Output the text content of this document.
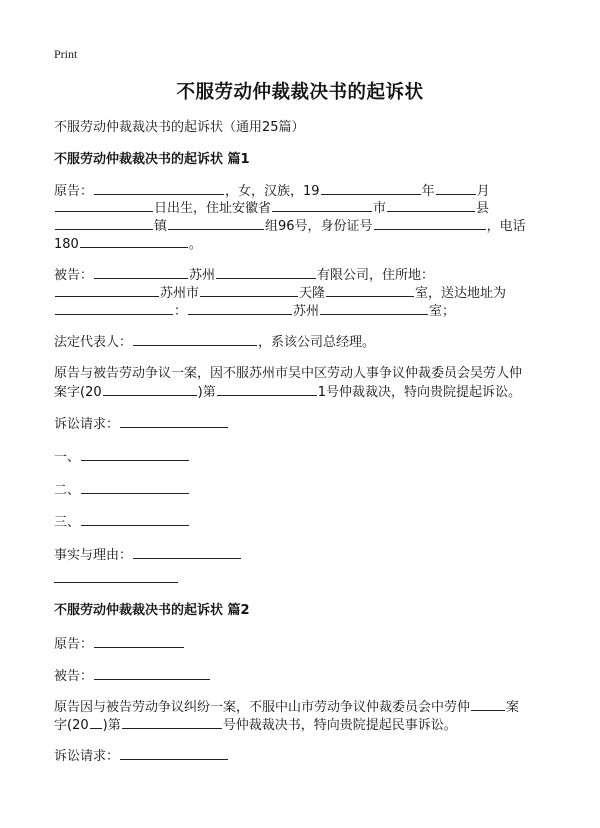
Print
不服劳动仲裁裁决书的起诉状
不服劳动仲裁裁决书的起诉状（通用25篇）
不服劳动仲裁裁决书的起诉状 篇1
原告：	，女，汉族，19	年	月
日出生，住址安徽省	市	县
镇	组96号，身份证号	，电话
180	。
被告：	苏州	有限公司，住所地：
苏州市	天隆	室，送达地址为
：	苏州	室；
法定代表人：	，系该公司总经理。
原告与被告劳动争议一案，因不服苏州市吴中区劳动人事争议仲裁委员会吴劳人仲
案字(20	)第	1号仲裁裁决，特向贵院提起诉讼。
诉讼请求：
一、
二、
三、
事实与理由：
不服劳动仲裁裁决书的起诉状 篇2
原告：
被告：
原告因与被告劳动争议纠纷一案，不服中山市劳动争议仲裁委员会中劳仲	案
字(20 )第	号仲裁裁决书，特向贵院提起民事诉讼。
诉讼请求：
